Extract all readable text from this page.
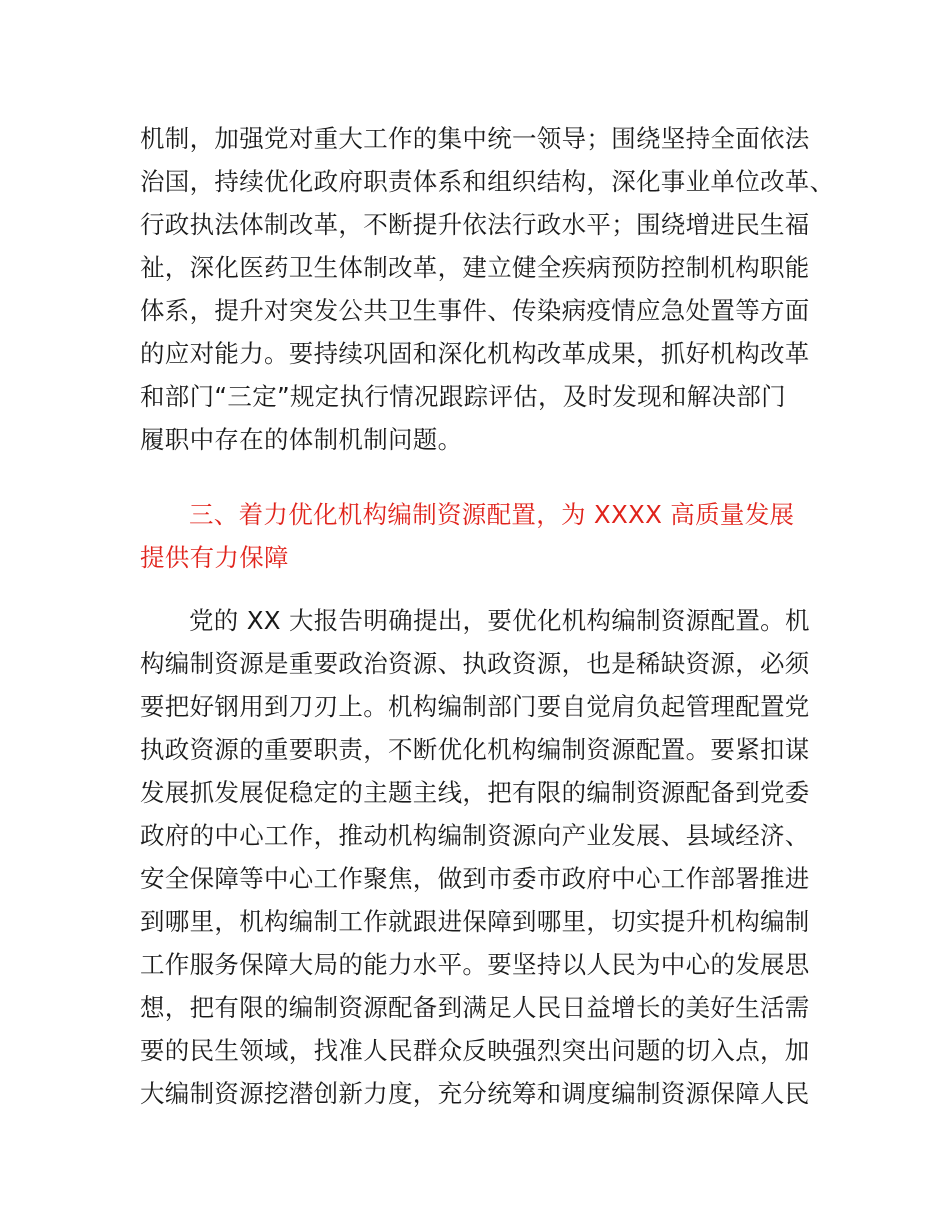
机制，加强党对重大工作的集中统一领导；围绕坚持全面依法
治国，持续优化政府职责体系和组织结构，深化事业单位改革、
行政执法体制改革，不断提升依法行政水平；围绕增进民生福
祉，深化医药卫生体制改革，建立健全疾病预防控制机构职能
体系，提升对突发公共卫生事件、传染病疫情应急处置等方面
的应对能力。要持续巩固和深化机构改革成果，抓好机构改革
和部门“三定”规定执行情况跟踪评估，及时发现和解决部门
履职中存在的体制机制问题。
三、着力优化机构编制资源配置，为 XXXX 高质量发展
提供有力保障
党的 XX 大报告明确提出，要优化机构编制资源配置。机
构编制资源是重要政治资源、执政资源，也是稀缺资源，必须
要把好钢用到刀刃上。机构编制部门要自觉肩负起管理配置党
执政资源的重要职责，不断优化机构编制资源配置。要紧扣谋
发展抓发展促稳定的主题主线，把有限的编制资源配备到党委
政府的中心工作，推动机构编制资源向产业发展、县域经济、
安全保障等中心工作聚焦，做到市委市政府中心工作部署推进
到哪里，机构编制工作就跟进保障到哪里，切实提升机构编制
工作服务保障大局的能力水平。要坚持以人民为中心的发展思
想，把有限的编制资源配备到满足人民日益增长的美好生活需
要的民生领域，找准人民群众反映强烈突出问题的切入点，加
大编制资源挖潜创新力度，充分统筹和调度编制资源保障人民
